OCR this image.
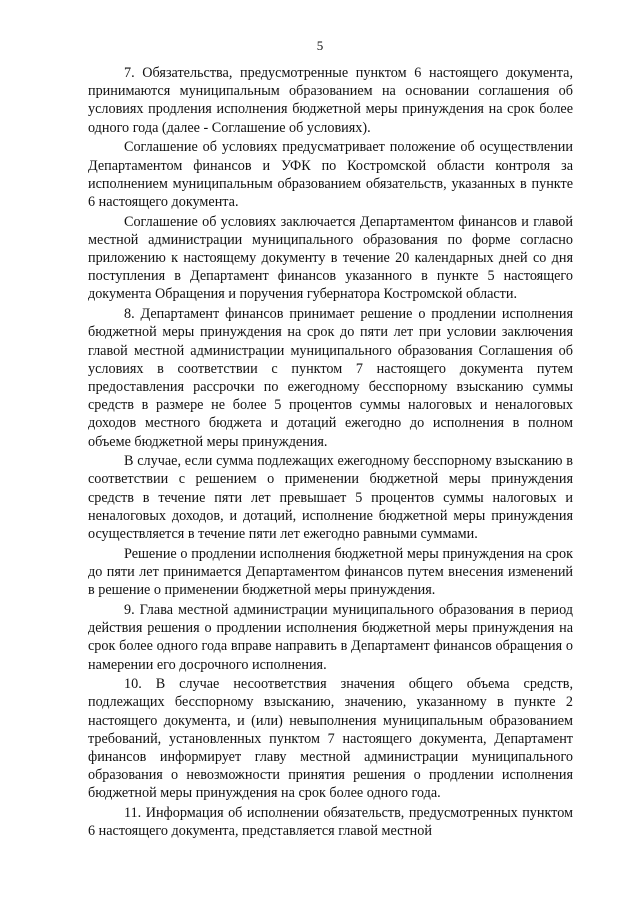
5

7. Обязательства, предусмотренные пунктом 6 настоящего документа, принимаются муниципальным образованием на основании соглашения об условиях продления исполнения бюджетной меры принуждения на срок более одного года (далее - Соглашение об условиях).

Соглашение об условиях предусматривает положение об осуществлении Департаментом финансов и УФК по Костромской области контроля за исполнением муниципальным образованием обязательств, указанных в пункте 6 настоящего документа.

Соглашение об условиях заключается Департаментом финансов и главой местной администрации муниципального образования по форме согласно приложению к настоящему документу в течение 20 календарных дней со дня поступления в Департамент финансов указанного в пункте 5 настоящего документа Обращения и поручения губернатора Костромской области.

8. Департамент финансов принимает решение о продлении исполнения бюджетной меры принуждения на срок до пяти лет при условии заключения главой местной администрации муниципального образования Соглашения об условиях в соответствии с пунктом 7 настоящего документа путем предоставления рассрочки по ежегодному бесспорному взысканию суммы средств в размере не более 5 процентов суммы налоговых и неналоговых доходов местного бюджета и дотаций ежегодно до исполнения в полном объеме бюджетной меры принуждения.

В случае, если сумма подлежащих ежегодному бесспорному взысканию в соответствии с решением о применении бюджетной меры принуждения средств в течение пяти лет превышает 5 процентов суммы налоговых и неналоговых доходов, и дотаций, исполнение бюджетной меры принуждения осуществляется в течение пяти лет ежегодно равными суммами.

Решение о продлении исполнения бюджетной меры принуждения на срок до пяти лет принимается Департаментом финансов путем внесения изменений в решение о применении бюджетной меры принуждения.

9. Глава местной администрации муниципального образования в период действия решения о продлении исполнения бюджетной меры принуждения на срок более одного года вправе направить в Департамент финансов обращения о намерении его досрочного исполнения.

10. В случае несоответствия значения общего объема средств, подлежащих бесспорному взысканию, значению, указанному в пункте 2 настоящего документа, и (или) невыполнения муниципальным образованием требований, установленных пунктом 7 настоящего документа, Департамент финансов информирует главу местной администрации муниципального образования о невозможности принятия решения о продлении исполнения бюджетной меры принуждения на срок более одного года.

11. Информация об исполнении обязательств, предусмотренных пунктом 6 настоящего документа, представляется главой местной
